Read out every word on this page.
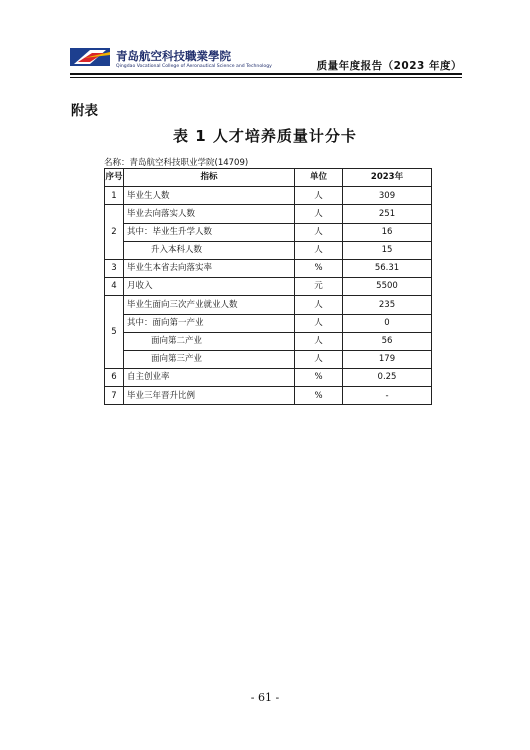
青岛航空科技職業學院
Qingdao Vocational College of Aeronautical Science and Technology	质量年度报告（2023 年度）
附表
表 1 人才培养质量计分卡
名称：青岛航空科技职业学院(14709)
序号	指标	单位	2023年
1	毕业生人数	人	309
2	毕业去向落实人数	人	251
	其中：毕业生升学人数	人	16
	升入本科人数	人	15
3	毕业生本省去向落实率	%	56.31
4	月收入	元	5500
5	毕业生面向三次产业就业人数	人	235
	其中：面向第一产业	人	0
	面向第二产业	人	56
	面向第三产业	人	179
6	自主创业率	%	0.25
7	毕业三年晋升比例	%	-
- 61 -
